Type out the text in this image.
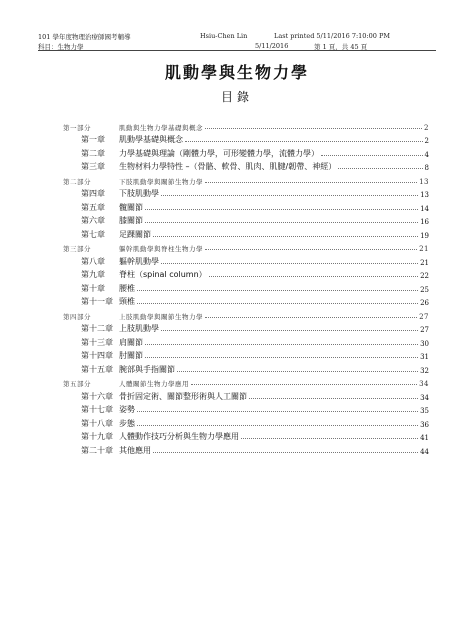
101 學年度物理治療師國考輔導	Hsiu-Chen Lin	Last printed 5/11/2016 7:10:00 PM
科目：生物力學	5/11/2016	第 1 頁，共 45 頁
肌動學與生物力學
目錄
第一部分	肌動與生物力學基礎與概念	2
第一章	肌動學基礎與概念	2
第二章	力學基礎與理論（剛體力學，可形變體力學，流體力學）	4
第三章	生物材料力學特性 –（骨骼、軟骨、肌肉、肌腱/韌帶、神經）	8
第二部分	下肢肌動學與關節生物力學	13
第四章	下肢肌動學	13
第五章	髖關節	14
第六章	膝關節	16
第七章	足踝關節	19
第三部分	軀幹肌動學與脊柱生物力學	21
第八章	軀幹肌動學	21
第九章	脊柱（spinal column）	22
第十章	腰椎	25
第十一章 頸椎	26
第四部分	上肢肌動學與關節生物力學	27
第十二章 上肢肌動學	27
第十三章 肩關節	30
第十四章 肘關節	31
第十五章 腕部與手指關節	32
第五部分	人體關節生物力學應用	34
第十六章 骨折固定術、關節整形術與人工關節	34
第十七章 姿勢	35
第十八章 步態	36
第十九章 人體動作技巧分析與生物力學應用	41
第二十章 其他應用	44
